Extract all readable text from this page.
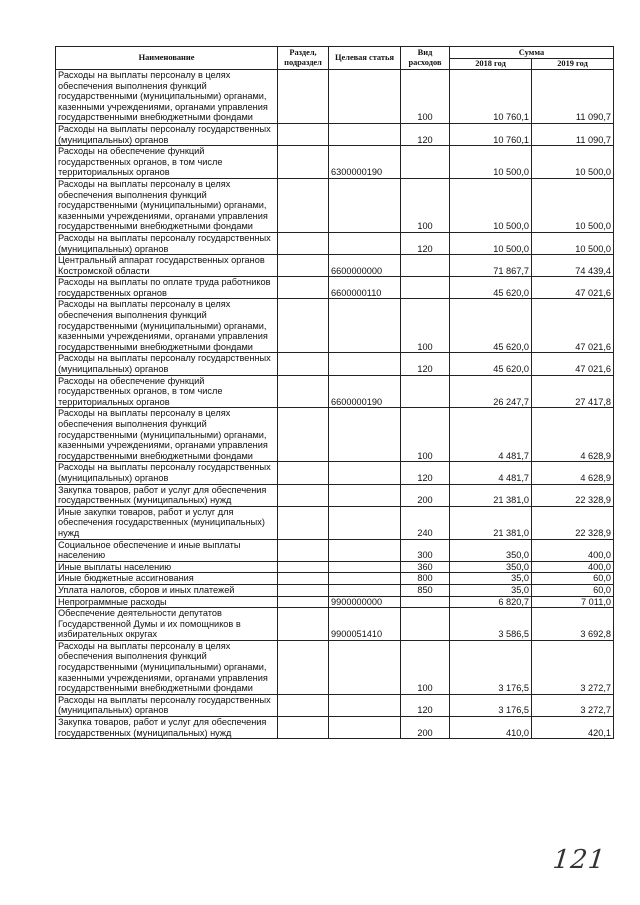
Наименование	Раздел, подраздел	Целевая статья	Вид расходов	Сумма	
				2018 год	2019 год
Расходы на выплаты персоналу в целях обеспечения выполнения функций государственными (муниципальными) органами, казенными учреждениями, органами управления государственными внебюджетными фондами			100	10 760,1	11 090,7
Расходы на выплаты персоналу государственных (муниципальных) органов			120	10 760,1	11 090,7
Расходы на обеспечение функций государственных органов, в том числе территориальных органов		6300000190		10 500,0	10 500,0
Расходы на выплаты персоналу в целях обеспечения выполнения функций государственными (муниципальными) органами, казенными учреждениями, органами управления государственными внебюджетными фондами			100	10 500,0	10 500,0
Расходы на выплаты персоналу государственных (муниципальных) органов			120	10 500,0	10 500,0
Центральный аппарат государственных органов Костромской области		6600000000		71 867,7	74 439,4
Расходы на выплаты по оплате труда работников государственных органов		6600000110		45 620,0	47 021,6
Расходы на выплаты персоналу в целях обеспечения выполнения функций государственными (муниципальными) органами, казенными учреждениями, органами управления государственными внебюджетными фондами			100	45 620,0	47 021,6
Расходы на выплаты персоналу государственных (муниципальных) органов			120	45 620,0	47 021,6
Расходы на обеспечение функций государственных органов, в том числе территориальных органов		6600000190		26 247,7	27 417,8
Расходы на выплаты персоналу в целях обеспечения выполнения функций государственными (муниципальными) органами, казенными учреждениями, органами управления государственными внебюджетными фондами			100	4 481,7	4 628,9
Расходы на выплаты персоналу государственных (муниципальных) органов			120	4 481,7	4 628,9
Закупка товаров, работ и услуг для обеспечения государственных (муниципальных) нужд			200	21 381,0	22 328,9
Иные закупки товаров, работ и услуг для обеспечения государственных (муниципальных) нужд			240	21 381,0	22 328,9
Социальное обеспечение и иные выплаты населению			300	350,0	400,0
Иные выплаты населению			360	350,0	400,0
Иные бюджетные ассигнования			800	35,0	60,0
Уплата налогов, сборов и иных платежей			850	35,0	60,0
Непрограммные расходы		9900000000		6 820,7	7 011,0
Обеспечение деятельности депутатов Государственной Думы и их помощников в избирательных округах		9900051410		3 586,5	3 692,8
Расходы на выплаты персоналу в целях обеспечения выполнения функций государственными (муниципальными) органами, казенными учреждениями, органами управления государственными внебюджетными фондами			100	3 176,5	3 272,7
Расходы на выплаты персоналу государственных (муниципальных) органов			120	3 176,5	3 272,7
Закупка товаров, работ и услуг для обеспечения государственных (муниципальных) нужд			200	410,0	420,1
121
